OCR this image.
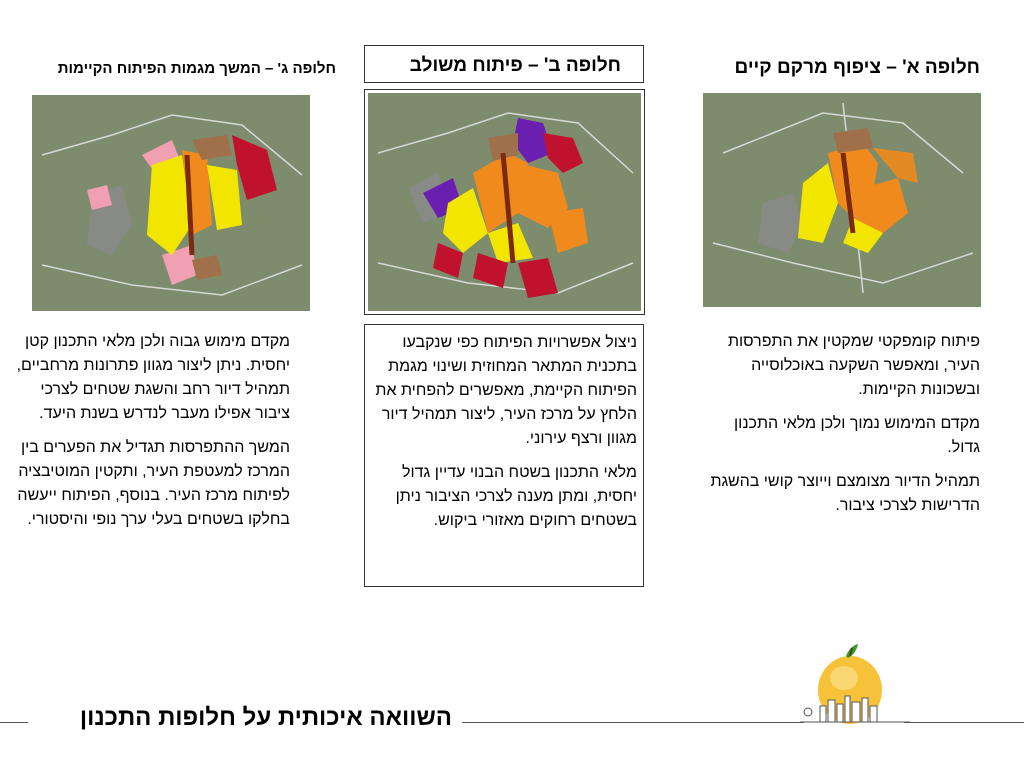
חלופה א' – ציפוף מרקם קיים
חלופה ב' – פיתוח משולב
חלופה ג' – המשך מגמות הפיתוח הקיימות

פיתוח קומפקטי שמקטין את התפרסות העיר, ומאפשר השקעה באוכלוסייה ובשכונות הקיימות.

מקדם המימוש נמוך ולכן מלאי התכנון גדול.

תמהיל הדיור מצומצם וייוצר קושי בהשגת הדרישות לצרכי ציבור.

ניצול אפשרויות הפיתוח כפי שנקבעו בתכנית המתאר המחוזית ושינוי מגמת הפיתוח הקיימת, מאפשרים להפחית את הלחץ על מרכז העיר, ליצור תמהיל דיור מגוון ורצף עירוני.

מלאי התכנון בשטח הבנוי עדיין גדול יחסית, ומתן מענה לצרכי הציבור ניתן בשטחים רחוקים מאזורי ביקוש.

מקדם מימוש גבוה ולכן מלאי התכנון קטן יחסית. ניתן ליצור מגוון פתרונות מרחביים, תמהיל דיור רחב והשגת שטחים לצרכי ציבור אפילו מעבר לנדרש בשנת היעד.

המשך ההתפרסות תגדיל את הפערים בין המרכז למעטפת העיר, ותקטין המוטיבציה לפיתוח מרכז העיר. בנוסף, הפיתוח ייעשה בחלקו בשטחים בעלי ערך נופי והיסטורי.

השוואה איכותית על חלופות התכנון
